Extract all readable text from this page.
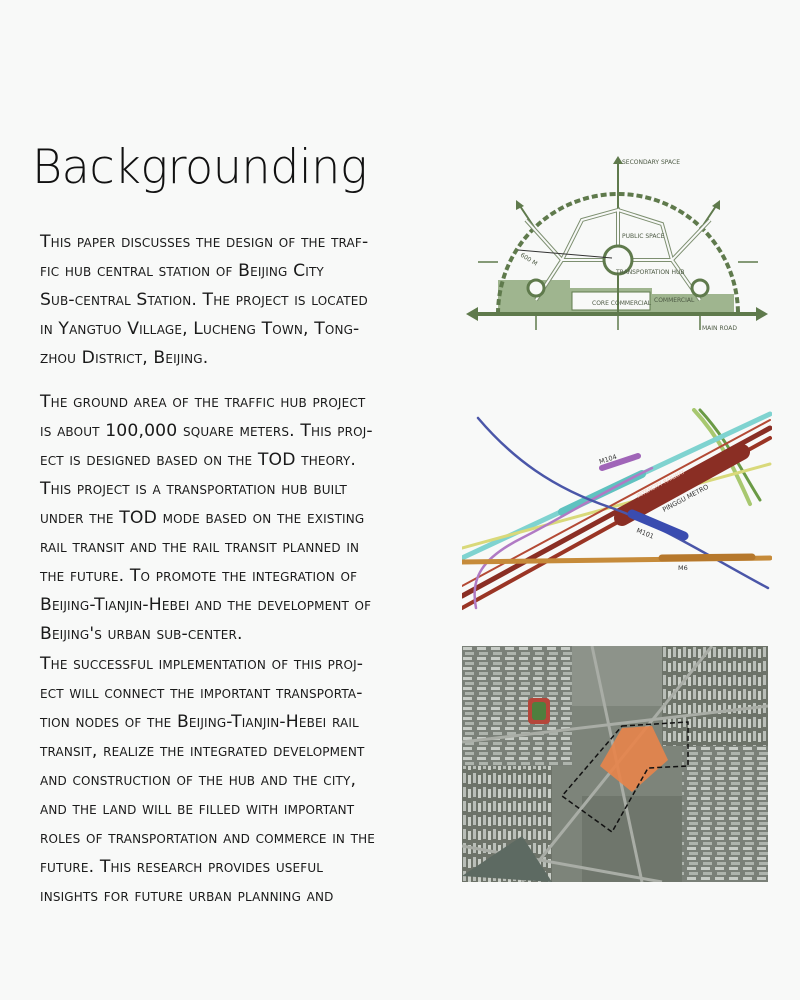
Backgrounding
This paper discusses the design of the traf-
fic hub central station of Beijing City
Sub-central Station. The project is located
in Yangtuo Village, Lucheng Town, Tong-
zhou District, Beijing.
The ground area of the traffic hub project
is about 100,000 square meters. This proj-
ect is designed based on the TOD theory.
This project is a transportation hub built
under the TOD mode based on the existing
rail transit and the rail transit planned in
the future. To promote the integration of
Beijing-Tianjin-Hebei and the development of
Beijing's urban sub-center.
The successful implementation of this proj-
ect will connect the important transporta-
tion nodes of the Beijing-Tianjin-Hebei rail
transit, realize the integrated development
and construction of the hub and the city,
and the land will be filled with important
roles of transportation and commerce in the
future. This research provides useful
insights for future urban planning and
SECONDARY SPACE
PUBLIC SPACE
600 M
TRANSPORTATION HUB
CORE COMMERCIAL COMMERCIAL
MAIN ROAD
M104
INTERCITY RAILWAY
PINGGU METRO
M101
M6
